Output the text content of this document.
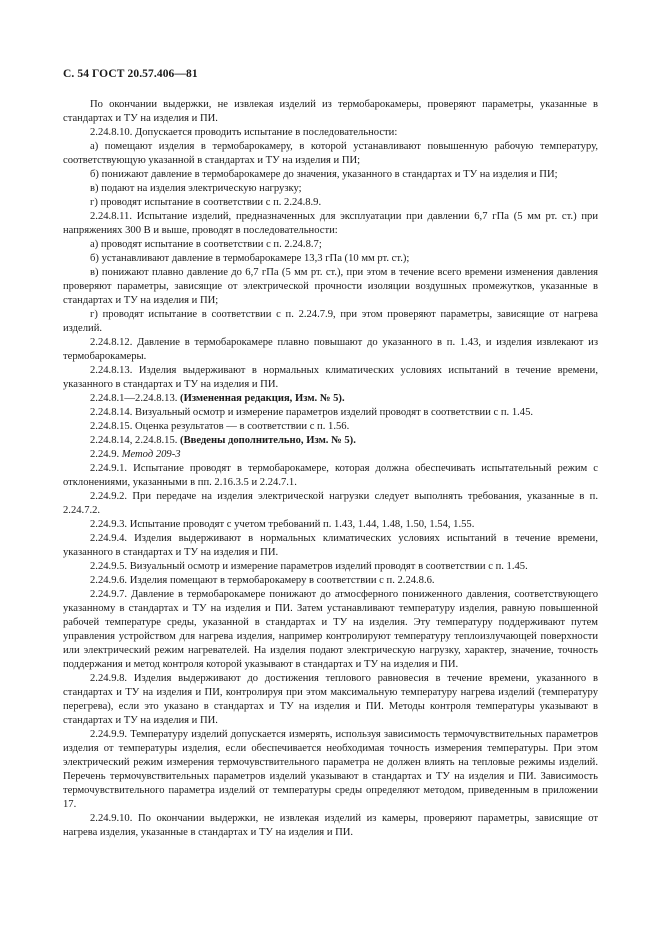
С. 54 ГОСТ 20.57.406—81

По окончании выдержки, не извлекая изделий из термобарокамеры, проверяют параметры, указанные в стандартах и ТУ на изделия и ПИ.

2.24.8.10. Допускается проводить испытание в последовательности:

а) помещают изделия в термобарокамеру, в которой устанавливают повышенную рабочую температуру, соответствующую указанной в стандартах и ТУ на изделия и ПИ;

б) понижают давление в термобарокамере до значения, указанного в стандартах и ТУ на изделия и ПИ;

в) подают на изделия электрическую нагрузку;

г) проводят испытание в соответствии с п. 2.24.8.9.

2.24.8.11. Испытание изделий, предназначенных для эксплуатации при давлении 6,7 гПа (5 мм рт. ст.) при напряжениях 300 В и выше, проводят в последовательности:

а) проводят испытание в соответствии с п. 2.24.8.7;

б) устанавливают давление в термобарокамере 13,3 гПа (10 мм рт. ст.);

в) понижают плавно давление до 6,7 гПа (5 мм рт. ст.), при этом в течение всего времени изменения давления проверяют параметры, зависящие от электрической прочности изоляции воздушных промежутков, указанные в стандартах и ТУ на изделия и ПИ;

г) проводят испытание в соответствии с п. 2.24.7.9, при этом проверяют параметры, зависящие от нагрева изделий.

2.24.8.12. Давление в термобарокамере плавно повышают до указанного в п. 1.43, и изделия извлекают из термобарокамеры.

2.24.8.13. Изделия выдерживают в нормальных климатических условиях испытаний в течение времени, указанного в стандартах и ТУ на изделия и ПИ.

2.24.8.1—2.24.8.13. (Измененная редакция, Изм. № 5).

2.24.8.14. Визуальный осмотр и измерение параметров изделий проводят в соответствии с п. 1.45.

2.24.8.15. Оценка результатов — в соответствии с п. 1.56.

2.24.8.14, 2.24.8.15. (Введены дополнительно, Изм. № 5).

2.24.9. Метод 209-3

2.24.9.1. Испытание проводят в термобарокамере, которая должна обеспечивать испытательный режим с отклонениями, указанными в пп. 2.16.3.5 и 2.24.7.1.

2.24.9.2. При передаче на изделия электрической нагрузки следует выполнять требования, указанные в п. 2.24.7.2.

2.24.9.3. Испытание проводят с учетом требований п. 1.43, 1.44, 1.48, 1.50, 1.54, 1.55.

2.24.9.4. Изделия выдерживают в нормальных климатических условиях испытаний в течение времени, указанного в стандартах и ТУ на изделия и ПИ.

2.24.9.5. Визуальный осмотр и измерение параметров изделий проводят в соответствии с п. 1.45.

2.24.9.6. Изделия помещают в термобарокамеру в соответствии с п. 2.24.8.6.

2.24.9.7. Давление в термобарокамере понижают до атмосферного пониженного давления, соответствующего указанному в стандартах и ТУ на изделия и ПИ. Затем устанавливают температуру изделия, равную повышенной рабочей температуре среды, указанной в стандартах и ТУ на изделия. Эту температуру поддерживают путем управления устройством для нагрева изделия, например контролируют температуру теплоизлучающей поверхности или электрический режим нагревателей. На изделия подают электрическую нагрузку, характер, значение, точность поддержания и метод контроля которой указывают в стандартах и ТУ на изделия и ПИ.

2.24.9.8. Изделия выдерживают до достижения теплового равновесия в течение времени, указанного в стандартах и ТУ на изделия и ПИ, контролируя при этом максимальную температуру нагрева изделий (температуру перегрева), если это указано в стандартах и ТУ на изделия и ПИ. Методы контроля температуры указывают в стандартах и ТУ на изделия и ПИ.

2.24.9.9. Температуру изделий допускается измерять, используя зависимость термочувствительных параметров изделия от температуры изделия, если обеспечивается необходимая точность измерения температуры. При этом электрический режим измерения термочувствительного параметра не должен влиять на тепловые режимы изделий. Перечень термочувствительных параметров изделий указывают в стандартах и ТУ на изделия и ПИ. Зависимость термочувствительного параметра изделий от температуры среды определяют методом, приведенным в приложении 17.

2.24.9.10. По окончании выдержки, не извлекая изделий из камеры, проверяют параметры, зависящие от нагрева изделия, указанные в стандартах и ТУ на изделия и ПИ.
